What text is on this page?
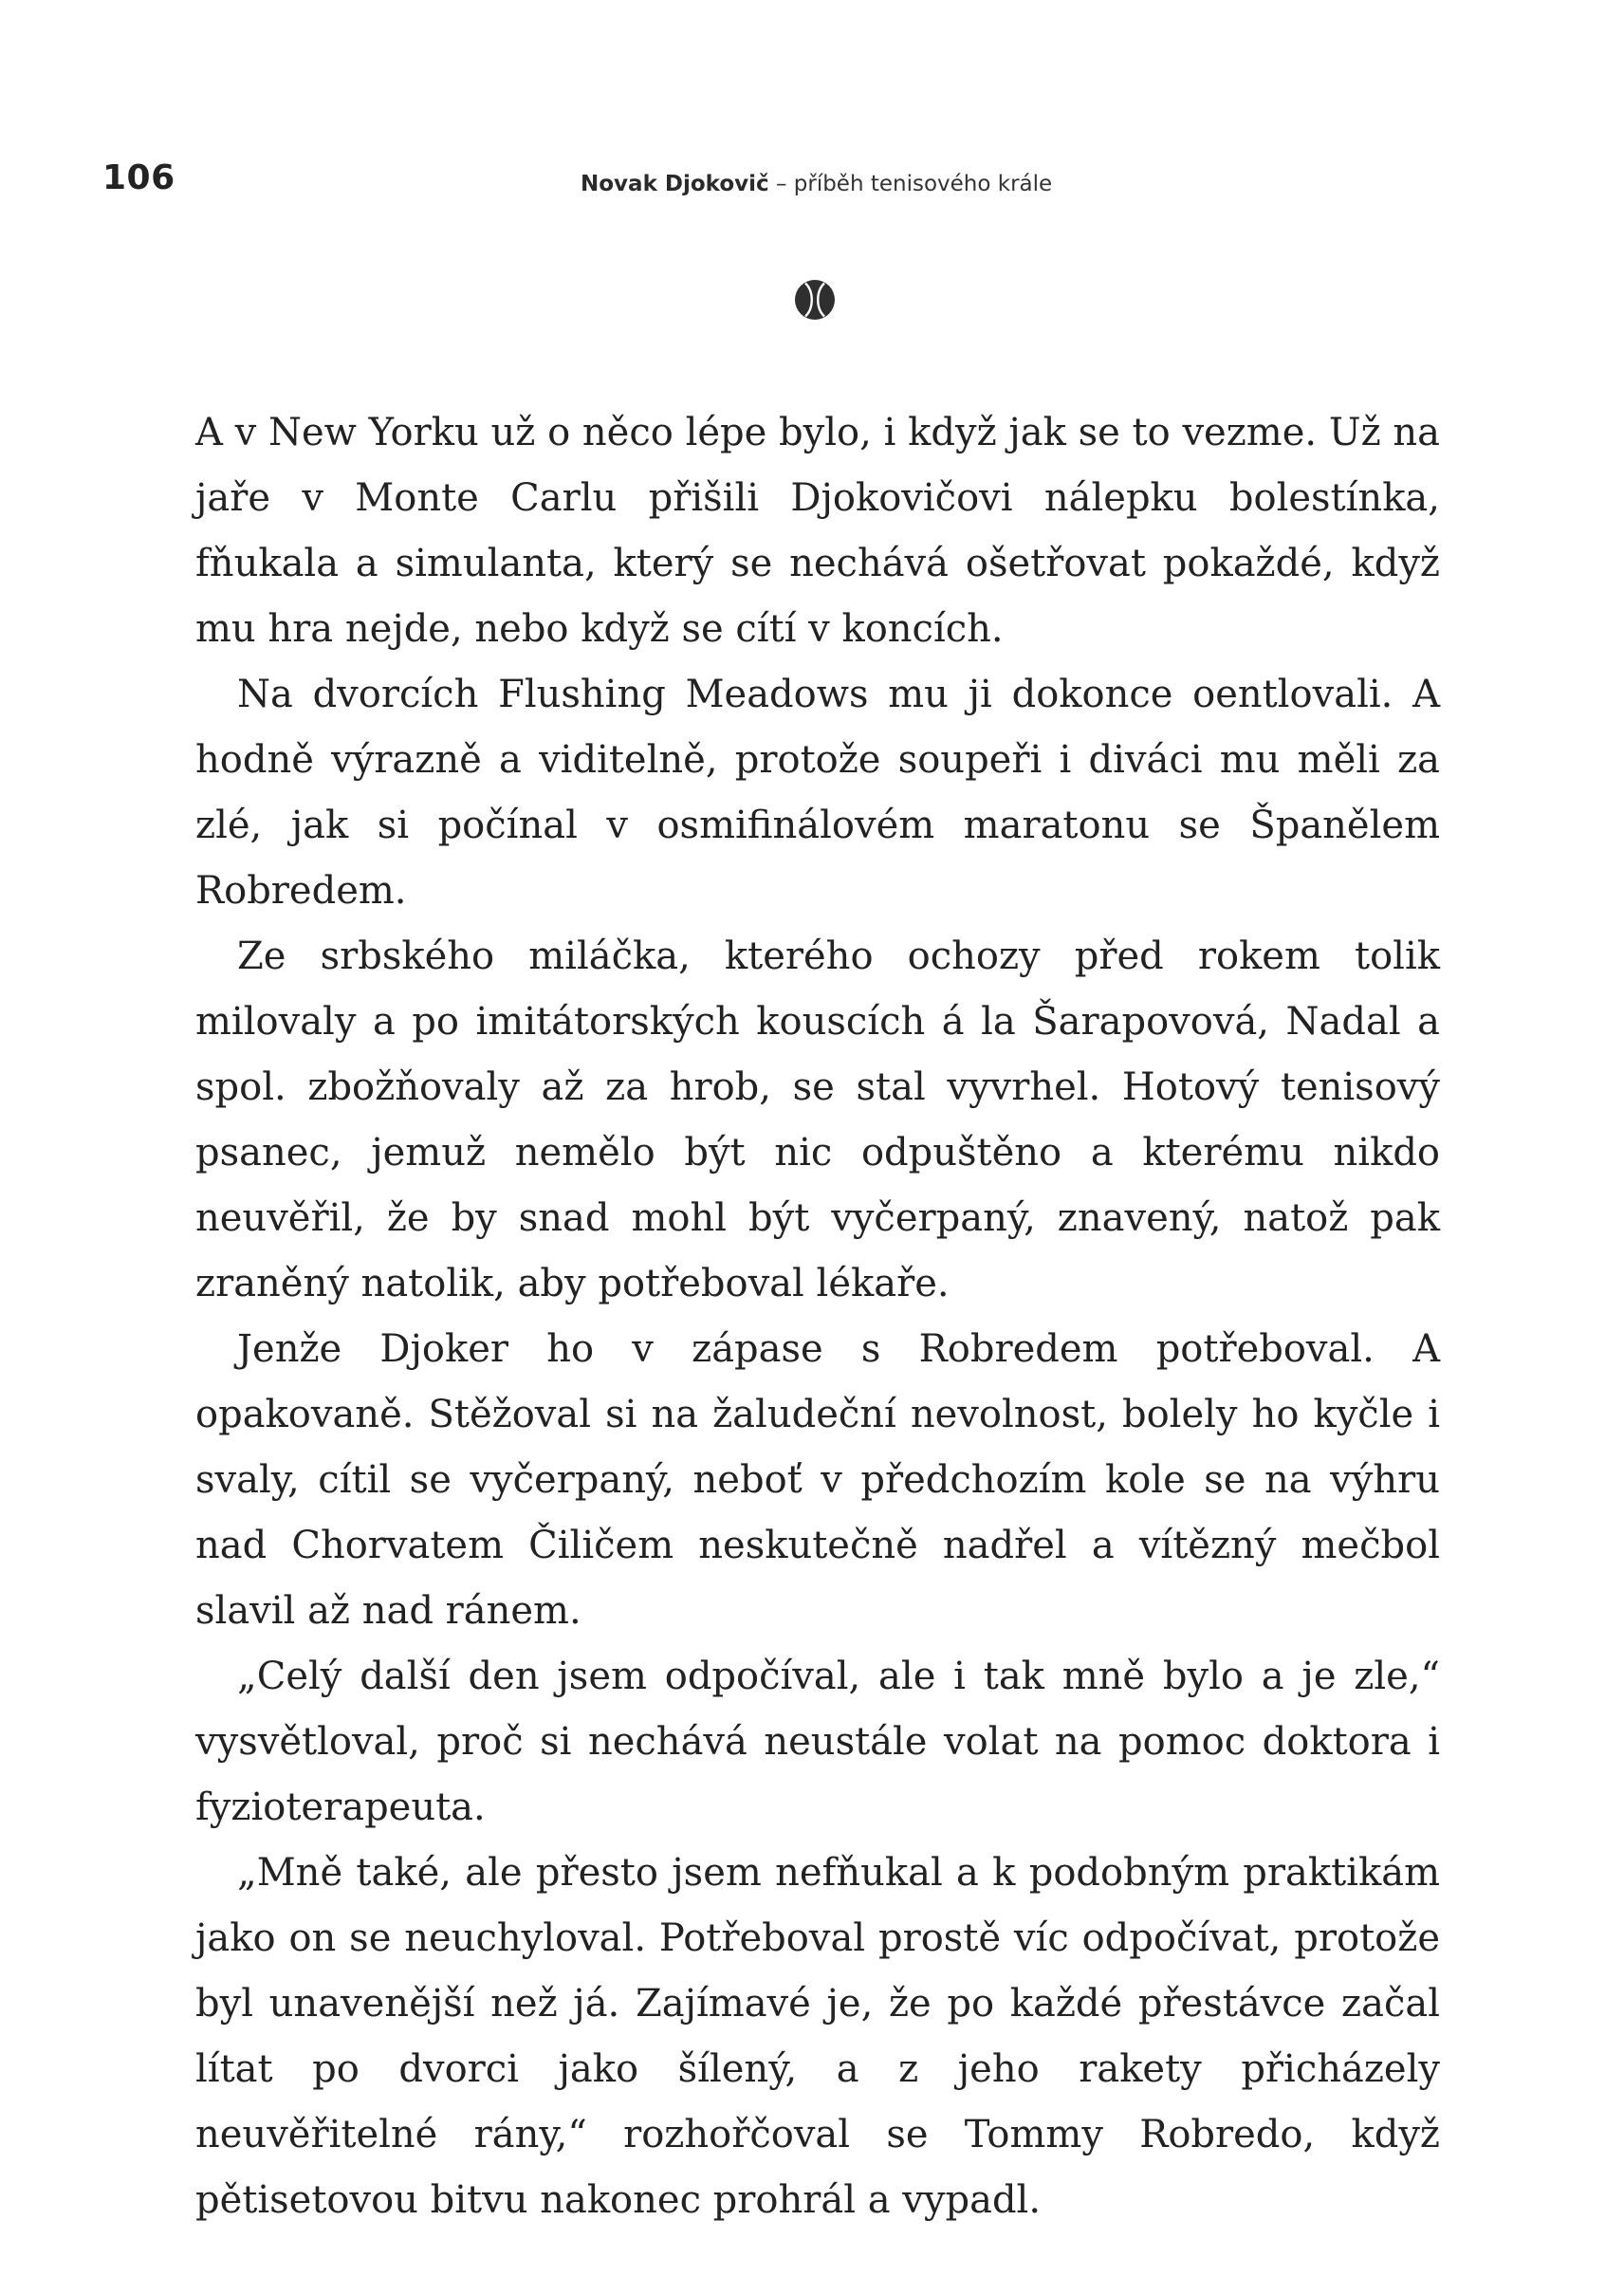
106	Novak Djokovič – příběh tenisového krále

A v New Yorku už o něco lépe bylo, i když jak se to vezme. Už na jaře v Monte Carlu přišili Djokovičovi nálepku bolestínka, fňukala a simulanta, který se nechává ošetřovat pokaždé, když mu hra nejde, nebo když se cítí v koncích.

Na dvorcích Flushing Meadows mu ji dokonce oentlovali. A hodně výrazně a viditelně, protože soupeři i diváci mu měli za zlé, jak si počínal v osmifinálovém maratonu se Španělem Robredem.

Ze srbského miláčka, kterého ochozy před rokem tolik milovaly a po imitátorských kouscích á la Šarapovová, Nadal a spol. zbožňovaly až za hrob, se stal vyvrhel. Hotový tenisový psanec, jemuž nemělo být nic odpuštěno a kterému nikdo neuvěřil, že by snad mohl být vyčerpaný, znavený, natož pak zraněný natolik, aby potřeboval lékaře.

Jenže Djoker ho v zápase s Robredem potřeboval. A opakovaně. Stěžoval si na žaludeční nevolnost, bolely ho kyčle i svaly, cítil se vyčerpaný, neboť v předchozím kole se na výhru nad Chorvatem Čiličem neskutečně nadřel a vítězný mečbol slavil až nad ránem.

„Celý další den jsem odpočíval, ale i tak mně bylo a je zle,“ vysvětloval, proč si nechává neustále volat na pomoc doktora i fyzioterapeuta.

„Mně také, ale přesto jsem nefňukal a k podobným praktikám jako on se neuchyloval. Potřeboval prostě víc odpočívat, protože byl unavenější než já. Zajímavé je, že po každé přestávce začal lítat po dvorci jako šílený, a z jeho rakety přicházely neuvěřitelné rány,“ rozhořčoval se Tommy Robredo, když pětisetovou bitvu nakonec prohrál a vypadl.
